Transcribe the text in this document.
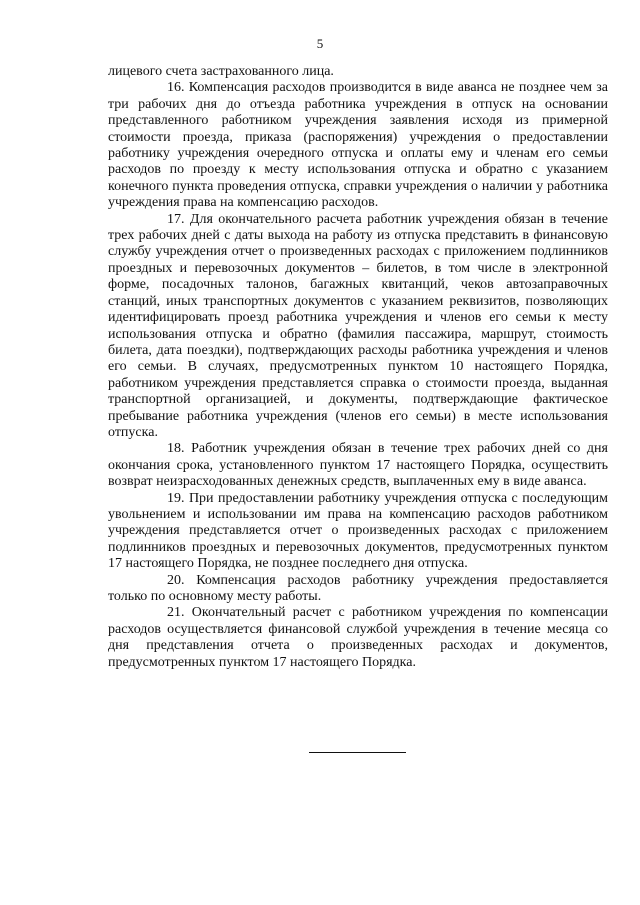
5

лицевого счета застрахованного лица.

16. Компенсация расходов производится в виде аванса не позднее чем за три рабочих дня до отъезда работника учреждения в отпуск на основании представленного работником учреждения заявления исходя из примерной стоимости проезда, приказа (распоряжения) учреждения о предоставлении работнику учреждения очередного отпуска и оплаты ему и членам его семьи расходов по проезду к месту использования отпуска и обратно с указанием конечного пункта проведения отпуска, справки учреждения о наличии у работника учреждения права на компенсацию расходов.

17. Для окончательного расчета работник учреждения обязан в течение трех рабочих дней с даты выхода на работу из отпуска представить в финансовую службу учреждения отчет о произведенных расходах с приложением подлинников проездных и перевозочных документов – билетов, в том числе в электронной форме, посадочных талонов, багажных квитанций, чеков автозаправочных станций, иных транспортных документов с указанием реквизитов, позволяющих идентифицировать проезд работника учреждения и членов его семьи к месту использования отпуска и обратно (фамилия пассажира, маршрут, стоимость билета, дата поездки), подтверждающих расходы работника учреждения и членов его семьи. В случаях, предусмотренных пунктом 10 настоящего Порядка, работником учреждения представляется справка о стоимости проезда, выданная транспортной организацией, и документы, подтверждающие фактическое пребывание работника учреждения (членов его семьи) в месте использования отпуска.

18. Работник учреждения обязан в течение трех рабочих дней со дня окончания срока, установленного пунктом 17 настоящего Порядка, осуществить возврат неизрасходованных денежных средств, выплаченных ему в виде аванса.

19. При предоставлении работнику учреждения отпуска с последующим увольнением и использовании им права на компенсацию расходов работником учреждения представляется отчет о произведенных расходах с приложением подлинников проездных и перевозочных документов, предусмотренных пунктом 17 настоящего Порядка, не позднее последнего дня отпуска.

20. Компенсация расходов работнику учреждения предоставляется только по основному месту работы.

21. Окончательный расчет с работником учреждения по компенсации расходов осуществляется финансовой службой учреждения в течение месяца со дня представления отчета о произведенных расходах и документов, предусмотренных пунктом 17 настоящего Порядка.
